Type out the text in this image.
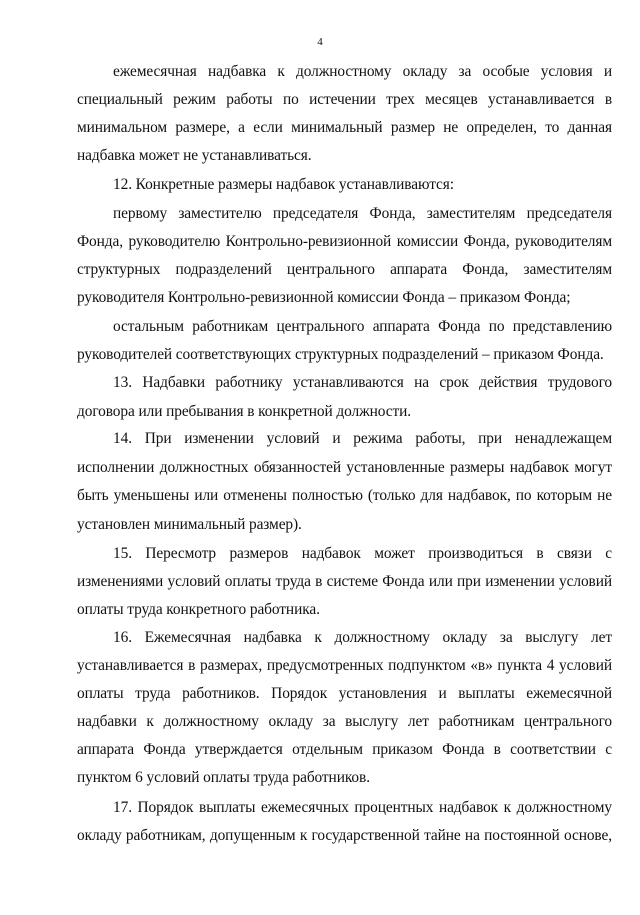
4
ежемесячная надбавка к должностному окладу за особые условия и
специальный режим работы по истечении трех месяцев устанавливается в
минимальном размере, а если минимальный размер не определен, то данная
надбавка может не устанавливаться.
12. Конкретные размеры надбавок устанавливаются:
первому заместителю председателя Фонда, заместителям председателя
Фонда, руководителю Контрольно-ревизионной комиссии Фонда, руководителям
структурных подразделений центрального аппарата Фонда, заместителям
руководителя Контрольно-ревизионной комиссии Фонда – приказом Фонда;
остальным работникам центрального аппарата Фонда по представлению
руководителей соответствующих структурных подразделений – приказом Фонда.
13. Надбавки работнику устанавливаются на срок действия трудового
договора или пребывания в конкретной должности.
14. При изменении условий и режима работы, при ненадлежащем
исполнении должностных обязанностей установленные размеры надбавок могут
быть уменьшены или отменены полностью (только для надбавок, по которым не
установлен минимальный размер).
15. Пересмотр размеров надбавок может производиться в связи с
изменениями условий оплаты труда в системе Фонда или при изменении условий
оплаты труда конкретного работника.
16. Ежемесячная надбавка к должностному окладу за выслугу лет
устанавливается в размерах, предусмотренных подпунктом «в» пункта 4 условий
оплаты труда работников. Порядок установления и выплаты ежемесячной
надбавки к должностному окладу за выслугу лет работникам центрального
аппарата Фонда утверждается отдельным приказом Фонда в соответствии с
пунктом 6 условий оплаты труда работников.
17. Порядок выплаты ежемесячных процентных надбавок к должностному
окладу работникам, допущенным к государственной тайне на постоянной основе,
